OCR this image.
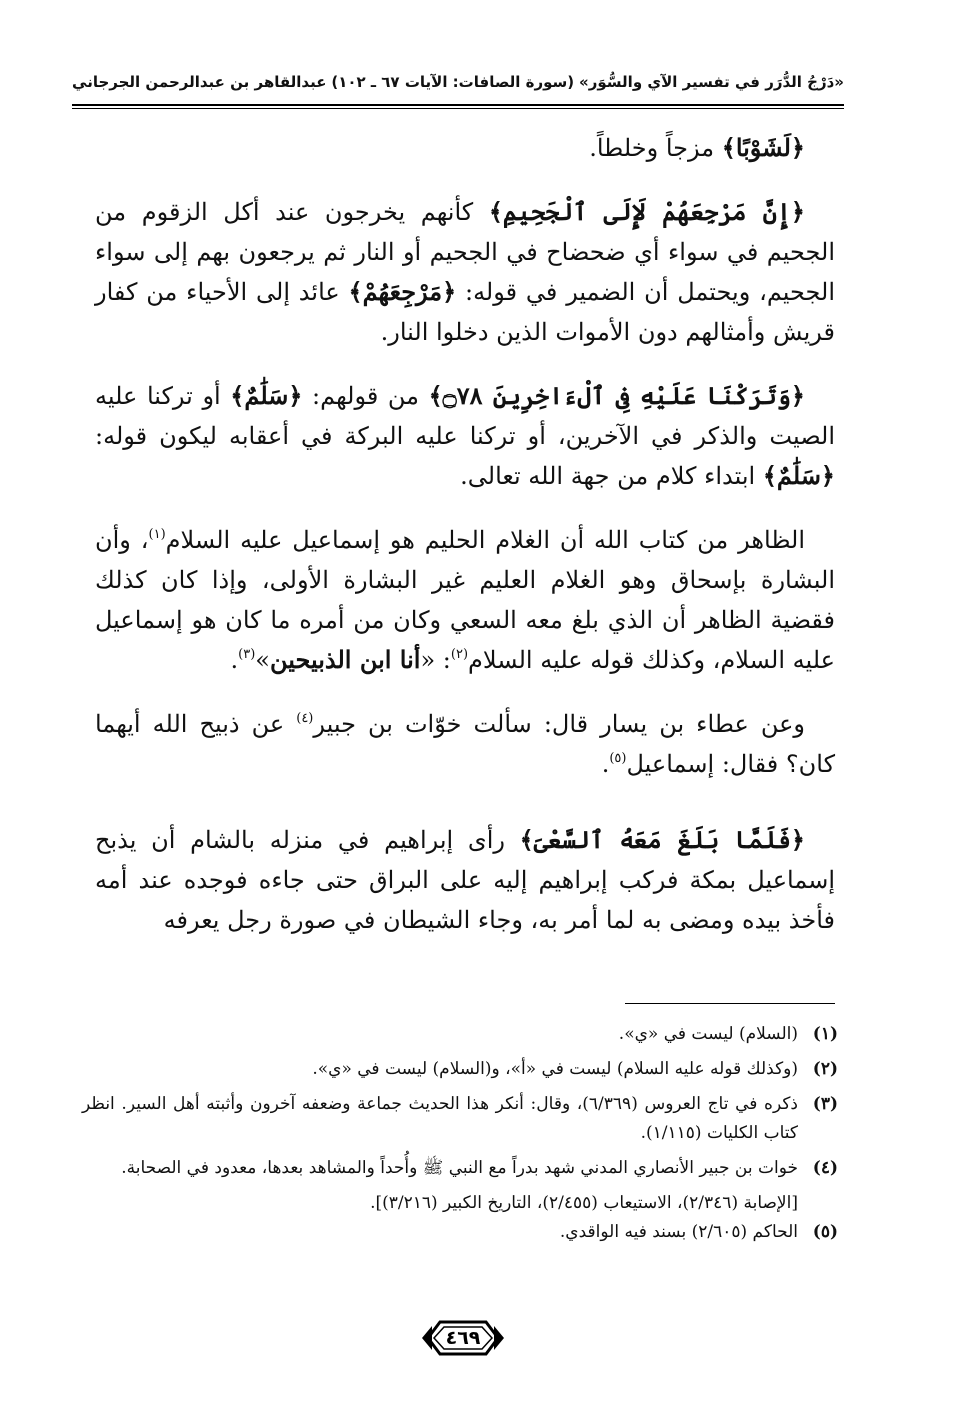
«دَرْجُ الدُّرَر في تفسير الآي والسُّوَر»
(سورة الصافات: الآيات ٦٧ ـ ١٠٢)
عبدالقاهر بن عبدالرحمن الجرجاني

﴿لَشَوْبًا﴾ مزجاً وخلطاً.

﴿إِنَّ مَرْجِعَهُمْ لَإِلَى ٱلْجَحِيمِ﴾ كأنهم يخرجون عند أكل الزقوم من الجحيم في سواء أي ضحضاح في الجحيم أو النار ثم يرجعون بهم إلى سواء الجحيم، ويحتمل أن الضمير في قوله: ﴿مَرْجِعَهُمْ﴾ عائد إلى الأحياء من كفار قريش وأمثالهم دون الأموات الذين دخلوا النار.

﴿وَتَرَكْنَا عَلَيْهِ فِى ٱلْءَاخِرِينَ ۝٧٨﴾ من قولهم: ﴿سَلَٰمٌ﴾ أو تركنا عليه الصيت والذكر في الآخرين، أو تركنا عليه البركة في أعقابه ليكون قوله: ﴿سَلَٰمٌ﴾ ابتداء كلام من جهة الله تعالى.

الظاهر من كتاب الله أن الغلام الحليم هو إسماعيل عليه السلام$^{(١)}$، وأن البشارة بإسحاق وهو الغلام العليم غير البشارة الأولى، وإذا كان كذلك فقضية الظاهر أن الذي بلغ معه السعي وكان من أمره ما كان هو إسماعيل عليه السلام، وكذلك قوله عليه السلام$^{(٢)}$: «أنا ابن الذبيحين»$^{(٣)}$.

وعن عطاء بن يسار قال: سألت خوّات بن جبير$^{(٤)}$ عن ذبيح الله أيهما كان؟ فقال: إسماعيل$^{(٥)}$.

﴿فَلَمَّا بَلَغَ مَعَهُ ٱلسَّعْىَ﴾ رأى إبراهيم في منزله بالشام أن يذبح إسماعيل بمكة فركب إبراهيم إليه على البراق حتى جاءه فوجده عند أمه فأخذ بيده ومضى به لما أمر به، وجاء الشيطان في صورة رجل يعرفه

(١)
(السلام) ليست في «ي».
(٢)
(وكذلك قوله عليه السلام) ليست في «أ»، و(السلام) ليست في «ي».
(٣)
ذكره في تاج العروس (٦/٣٦٩)، وقال: أنكر هذا الحديث جماعة وضعفه آخرون وأثبته أهل السير. انظر كتاب الكليات (١/١١٥).
(٤)
خوات بن جبير الأنصاري المدني شهد بدراً مع النبي ﷺ وأُحداً والمشاهد بعدها، معدود في الصحابة.
[الإصابة (٢/٣٤٦)، الاستيعاب (٢/٤٥٥)، التاريخ الكبير (٣/٢١٦)].
(٥)
الحاكم (٢/٦٠٥) بسند فيه الواقدي.
٤٦٩
